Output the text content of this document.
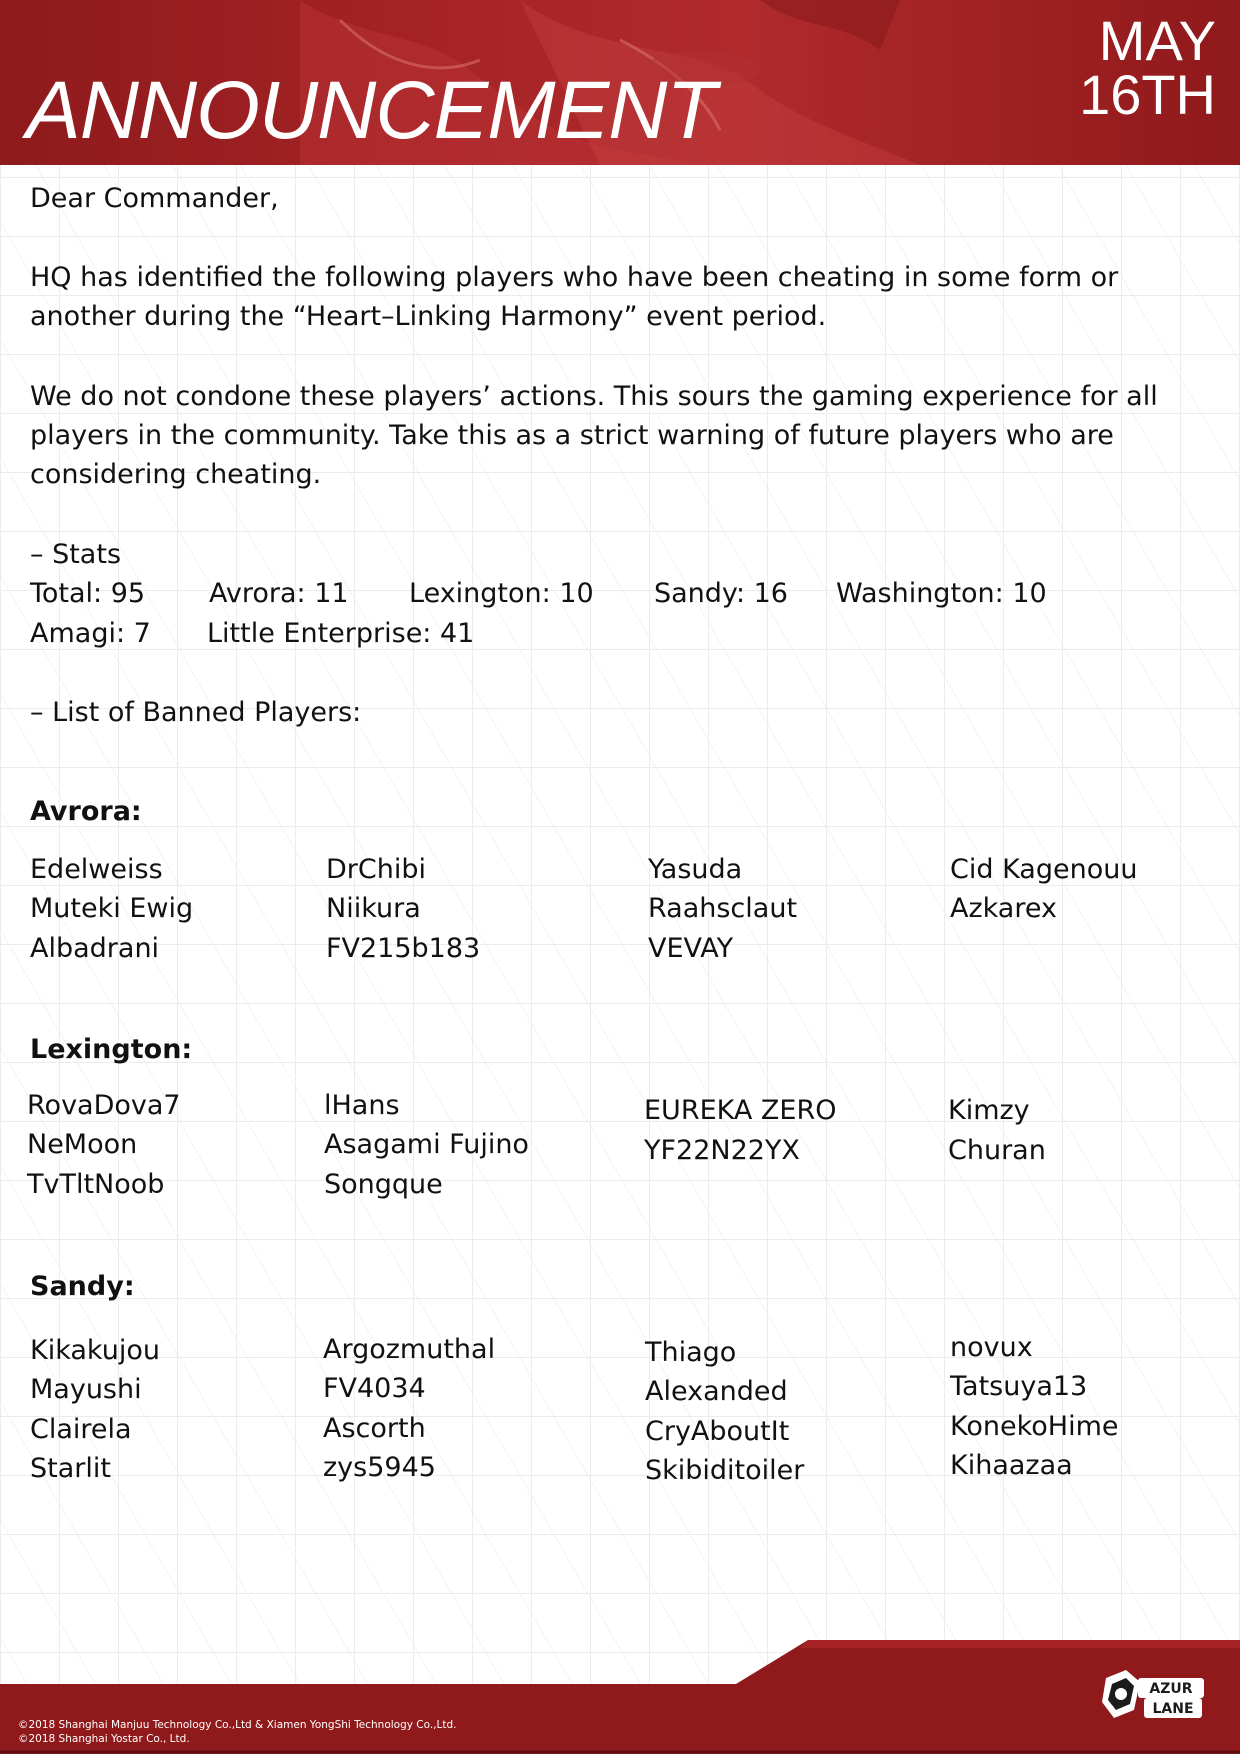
ANNOUNCEMENT
MAY
16TH

Dear Commander,

HQ has identified the following players who have been cheating in some form or another during the “Heart–Linking Harmony” event period.

We do not condone these players’ actions. This sours the gaming experience for all players in the community. Take this as a strict warning of future players who are considering cheating.

– Stats
Total: 95 Avrora: 11 Lexington: 10 Sandy: 16 Washington: 10
Amagi: 7 Little Enterprise: 41
– List of Banned Players:
Avrora:
Edelweiss
Muteki Ewig
Albadrani
DrChibi
Niikura
FV215b183
Yasuda
Raahsclaut
VEVAY
Cid Kagenouu
Azkarex
Lexington:
RovaDova7
NeMoon
TvTltNoob
lHans
Asagami Fujino
Songque
EUREKA ZERO
YF22N22YX
Kimzy
Churan
Sandy:
Kikakujou
Mayushi
Clairela
Starlit
Argozmuthal
FV4034
Ascorth
zys5945
Thiago
Alexanded
CryAboutIt
Skibiditoiler
novux
Tatsuya13
KonekoHime
Kihaazaa
©2018 Shanghai Manjuu Technology Co.,Ltd & Xiamen YongShi Technology Co.,Ltd.
©2018 Shanghai Yostar Co., Ltd.
AZUR
LANE
